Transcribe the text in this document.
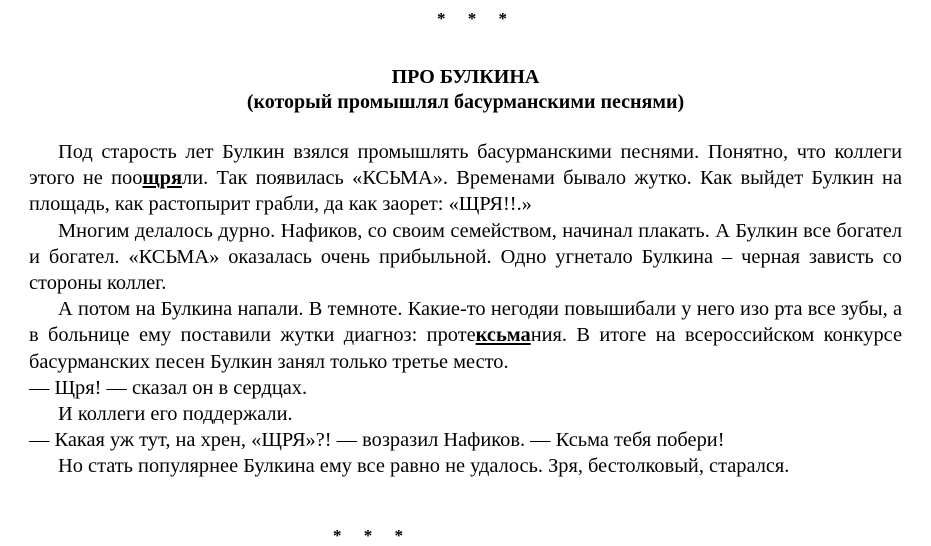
* * *
ПРО БУЛКИНА
(который промышлял басурманскими песнями)

Под старость лет Булкин взялся промышлять басурманскими песнями. Понятно, что коллеги этого не поощряли. Так появилась «КСЬМА». Временами бывало жутко. Как выйдет Булкин на площадь, как растопырит грабли, да как заорет: «ЩРЯ!!.»

Многим делалось дурно. Нафиков, со своим семейством, начинал плакать. А Булкин все богател и богател. «КСЬМА» оказалась очень прибыльной. Одно угнетало Булкина – черная зависть со стороны коллег.

А потом на Булкина напали. В темноте. Какие-то негодяи повышибали у него изо рта все зубы, а в больнице ему поставили жутки диагноз: протексьмания. В итоге на всероссийском конкурсе басурманских песен Булкин занял только третье место.

— Щря! — сказал он в сердцах.

И коллеги его поддержали.

— Какая уж тут, на хрен, «ЩРЯ»?! — возразил Нафиков. — Ксьма тебя побери!

Но стать популярнее Булкина ему все равно не удалось. Зря, бестолковый, старался.

* * *
